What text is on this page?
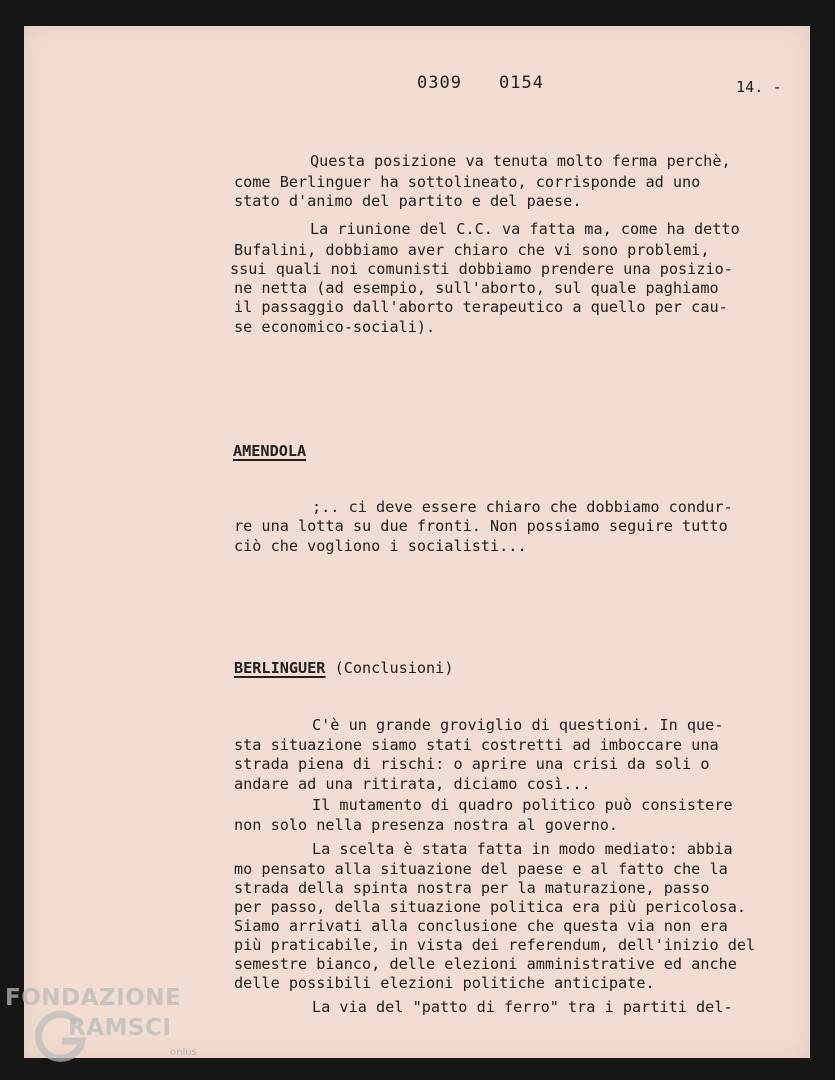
0309 0154	14. -
Questa posizione va tenuta molto ferma perchè,
come Berlinguer ha sottolineato, corrisponde ad uno
stato d'animo del partito e del paese.
La riunione del C.C. va fatta ma, come ha detto
Bufalini, dobbiamo aver chiaro che vi sono problemi,
ssui quali noi comunisti dobbiamo prendere una posizio-
ne netta (ad esempio, sull'aborto, sul quale paghiamo
il passaggio dall'aborto terapeutico a quello per cau-
se economico-sociali).
AMENDOLA
;.. ci deve essere chiaro che dobbiamo condur-
re una lotta su due fronti. Non possiamo seguire tutto
ciò che vogliono i socialisti...
BERLINGUER (Conclusioni)
C'è un grande groviglio di questioni. In que-
sta situazione siamo stati costretti ad imboccare una
strada piena di rischi: o aprire una crisi da soli o
andare ad una ritirata, diciamo così...
Il mutamento di quadro politico può consistere
non solo nella presenza nostra al governo.
La scelta è stata fatta in modo mediato: abbia
mo pensato alla situazione del paese e al fatto che la
strada della spinta nostra per la maturazione, passo
per passo, della situazione politica era più pericolosa.
Siamo arrivati alla conclusione che questa via non era
più praticabile, in vista dei referendum, dell'inizio del
semestre bianco, delle elezioni amministrative ed anche
delle possibili elezioni politiche anticipate.
La via del "patto di ferro" tra i partiti del-
FONDAZIONE
RAMSCI
onlus
